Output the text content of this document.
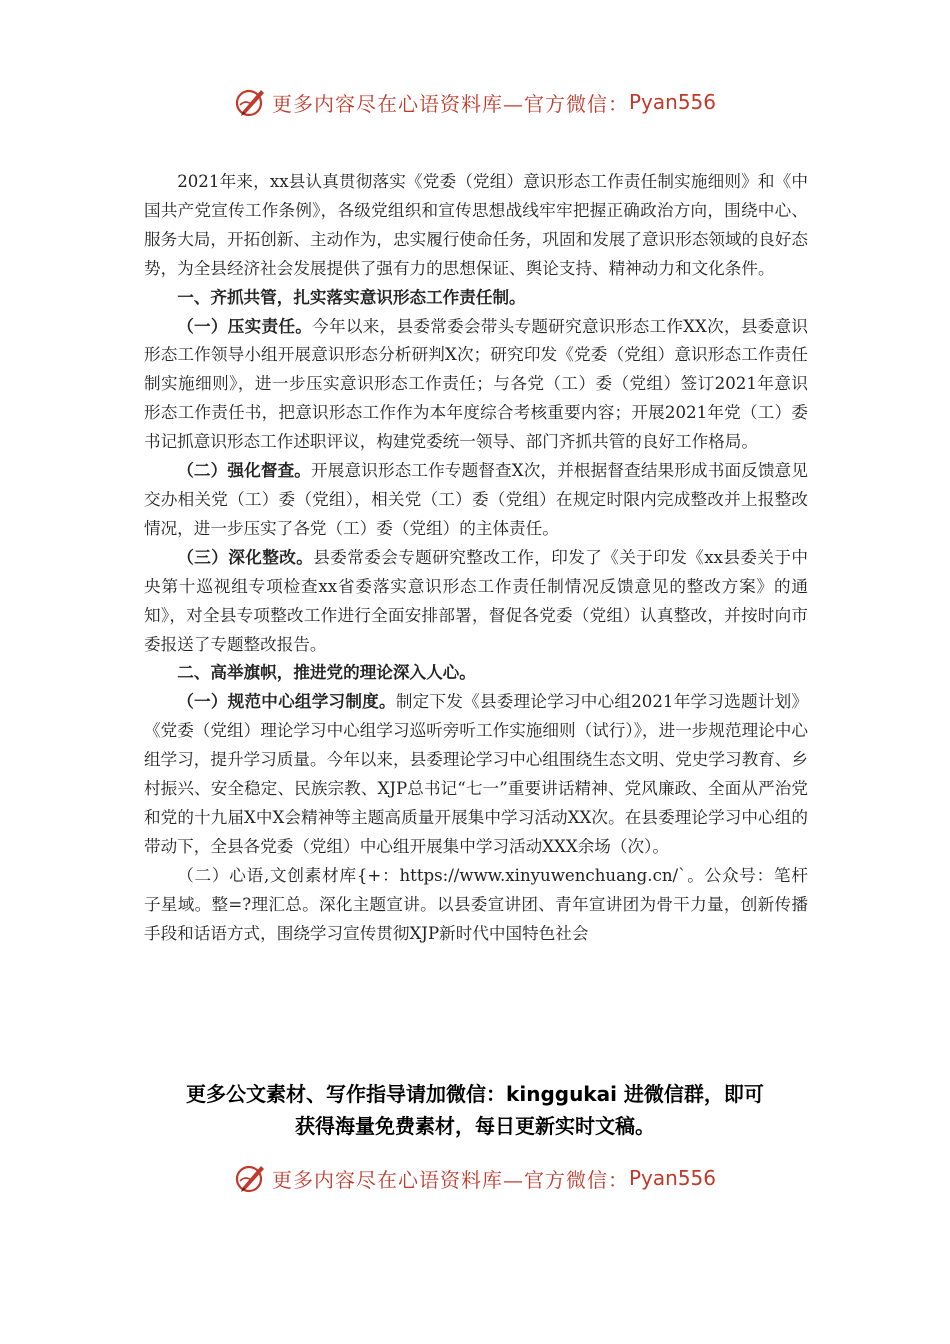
更多内容尽在心语资料库—官方微信： Pyan556

2021年来，xx县认真贯彻落实《党委（党组）意识形态工作责任制实施细则》和《中国共产党宣传工作条例》，各级党组织和宣传思想战线牢牢把握正确政治方向，围绕中心、服务大局，开拓创新、主动作为，忠实履行使命任务，巩固和发展了意识形态领域的良好态势，为全县经济社会发展提供了强有力的思想保证、舆论支持、精神动力和文化条件。

一、齐抓共管，扎实落实意识形态工作责任制。

（一）压实责任。今年以来，县委常委会带头专题研究意识形态工作XX次，县委意识形态工作领导小组开展意识形态分析研判X次；研究印发《党委（党组）意识形态工作责任制实施细则》，进一步压实意识形态工作责任；与各党（工）委（党组）签订2021年意识形态工作责任书，把意识形态工作作为本年度综合考核重要内容；开展2021年党（工）委书记抓意识形态工作述职评议，构建党委统一领导、部门齐抓共管的良好工作格局。

（二）强化督查。开展意识形态工作专题督查X次，并根据督查结果形成书面反馈意见交办相关党（工）委（党组），相关党（工）委（党组）在规定时限内完成整改并上报整改情况，进一步压实了各党（工）委（党组）的主体责任。

（三）深化整改。县委常委会专题研究整改工作，印发了《关于印发《xx县委关于中央第十巡视组专项检查xx省委落实意识形态工作责任制情况反馈意见的整改方案》的通知》，对全县专项整改工作进行全面安排部署，督促各党委（党组）认真整改，并按时向市委报送了专题整改报告。

二、高举旗帜，推进党的理论深入人心。

（一）规范中心组学习制度。制定下发《县委理论学习中心组2021年学习选题计划》《党委（党组）理论学习中心组学习巡听旁听工作实施细则（试行）》，进一步规范理论中心组学习，提升学习质量。今年以来，县委理论学习中心组围绕生态文明、党史学习教育、乡村振兴、安全稳定、民族宗教、XJP总书记“七一”重要讲话精神、党风廉政、全面从严治党和党的十九届X中X会精神等主题高质量开展集中学习活动XX次。在县委理论学习中心组的带动下，全县各党委（党组）中心组开展集中学习活动XXX余场（次）。

（二）心语,文创素材库{+：https://www.xinyuwenchuang.cn/`。公众号：笔杆子星域。整=?理汇总。深化主题宣讲。以县委宣讲团、青年宣讲团为骨干力量，创新传播手段和话语方式，围绕学习宣传贯彻XJP新时代中国特色社会

更多公文素材、写作指导请加微信：kinggukai 进微信群，即可
获得海量免费素材，每日更新实时文稿。
更多内容尽在心语资料库—官方微信： Pyan556
